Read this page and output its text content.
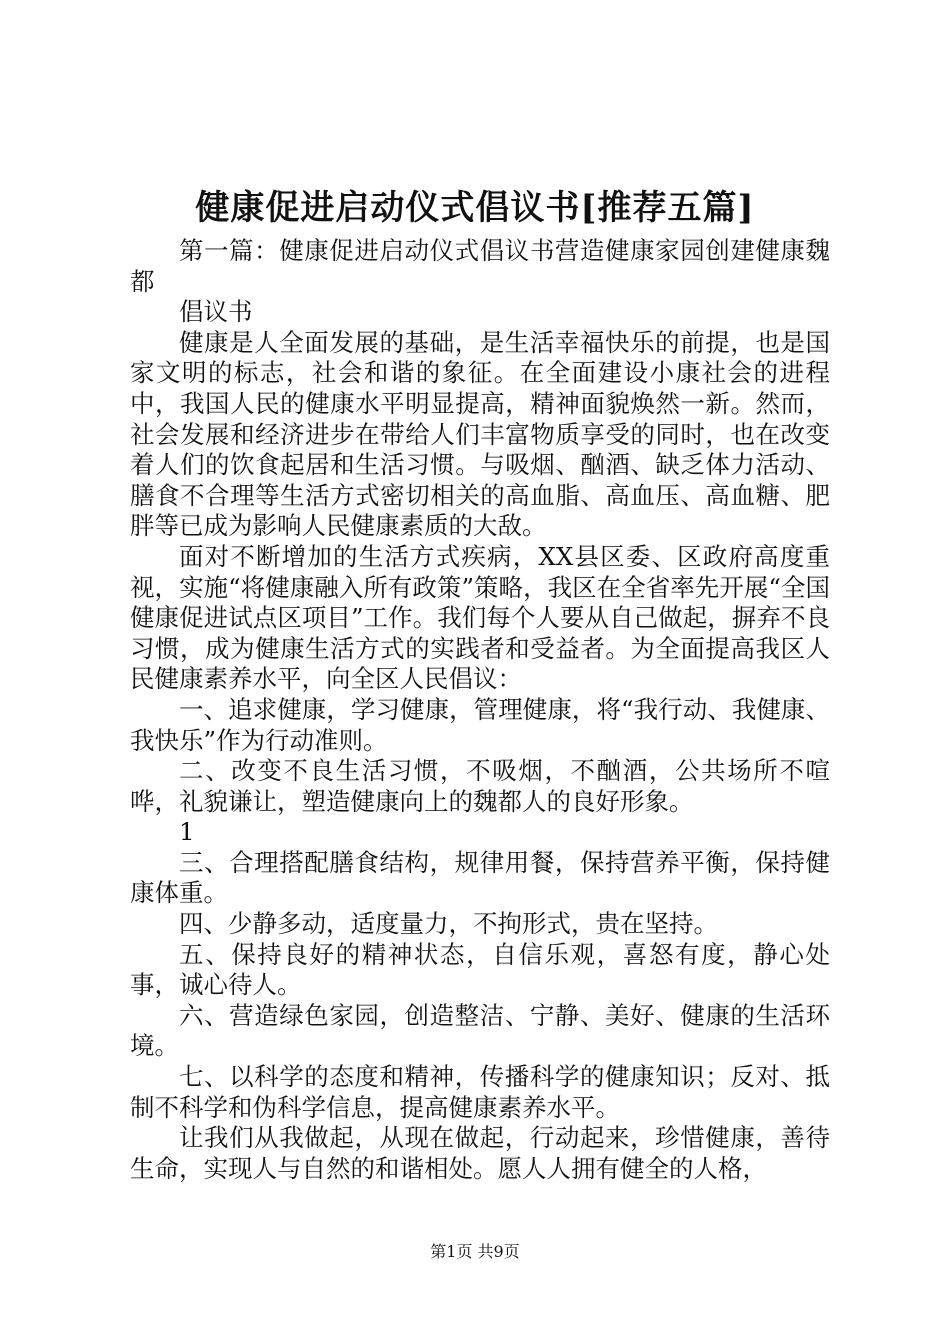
健康促进启动仪式倡议书[推荐五篇]

第一篇：健康促进启动仪式倡议书营造健康家园创建健康魏都

倡议书

健康是人全面发展的基础，是生活幸福快乐的前提，也是国家文明的标志，社会和谐的象征。在全面建设小康社会的进程中，我国人民的健康水平明显提高，精神面貌焕然一新。然而，社会发展和经济进步在带给人们丰富物质享受的同时，也在改变着人们的饮食起居和生活习惯。与吸烟、酗酒、缺乏体力活动、膳食不合理等生活方式密切相关的高血脂、高血压、高血糖、肥胖等已成为影响人民健康素质的大敌。

面对不断增加的生活方式疾病，XX县区委、区政府高度重视，实施“将健康融入所有政策”策略，我区在全省率先开展“全国健康促进试点区项目”工作。我们每个人要从自己做起，摒弃不良习惯，成为健康生活方式的实践者和受益者。为全面提高我区人民健康素养水平，向全区人民倡议：

一、追求健康，学习健康，管理健康，将“我行动、我健康、我快乐”作为行动准则。

二、改变不良生活习惯，不吸烟，不酗酒，公共场所不喧哗，礼貌谦让，塑造健康向上的魏都人的良好形象。

1

三、合理搭配膳食结构，规律用餐，保持营养平衡，保持健康体重。

四、少静多动，适度量力，不拘形式，贵在坚持。

五、保持良好的精神状态，自信乐观，喜怒有度，静心处事，诚心待人。

六、营造绿色家园，创造整洁、宁静、美好、健康的生活环境。

七、以科学的态度和精神，传播科学的健康知识；反对、抵制不科学和伪科学信息，提高健康素养水平。

让我们从我做起，从现在做起，行动起来，珍惜健康，善待生命，实现人与自然的和谐相处。愿人人拥有健全的人格，

第1页 共9页
